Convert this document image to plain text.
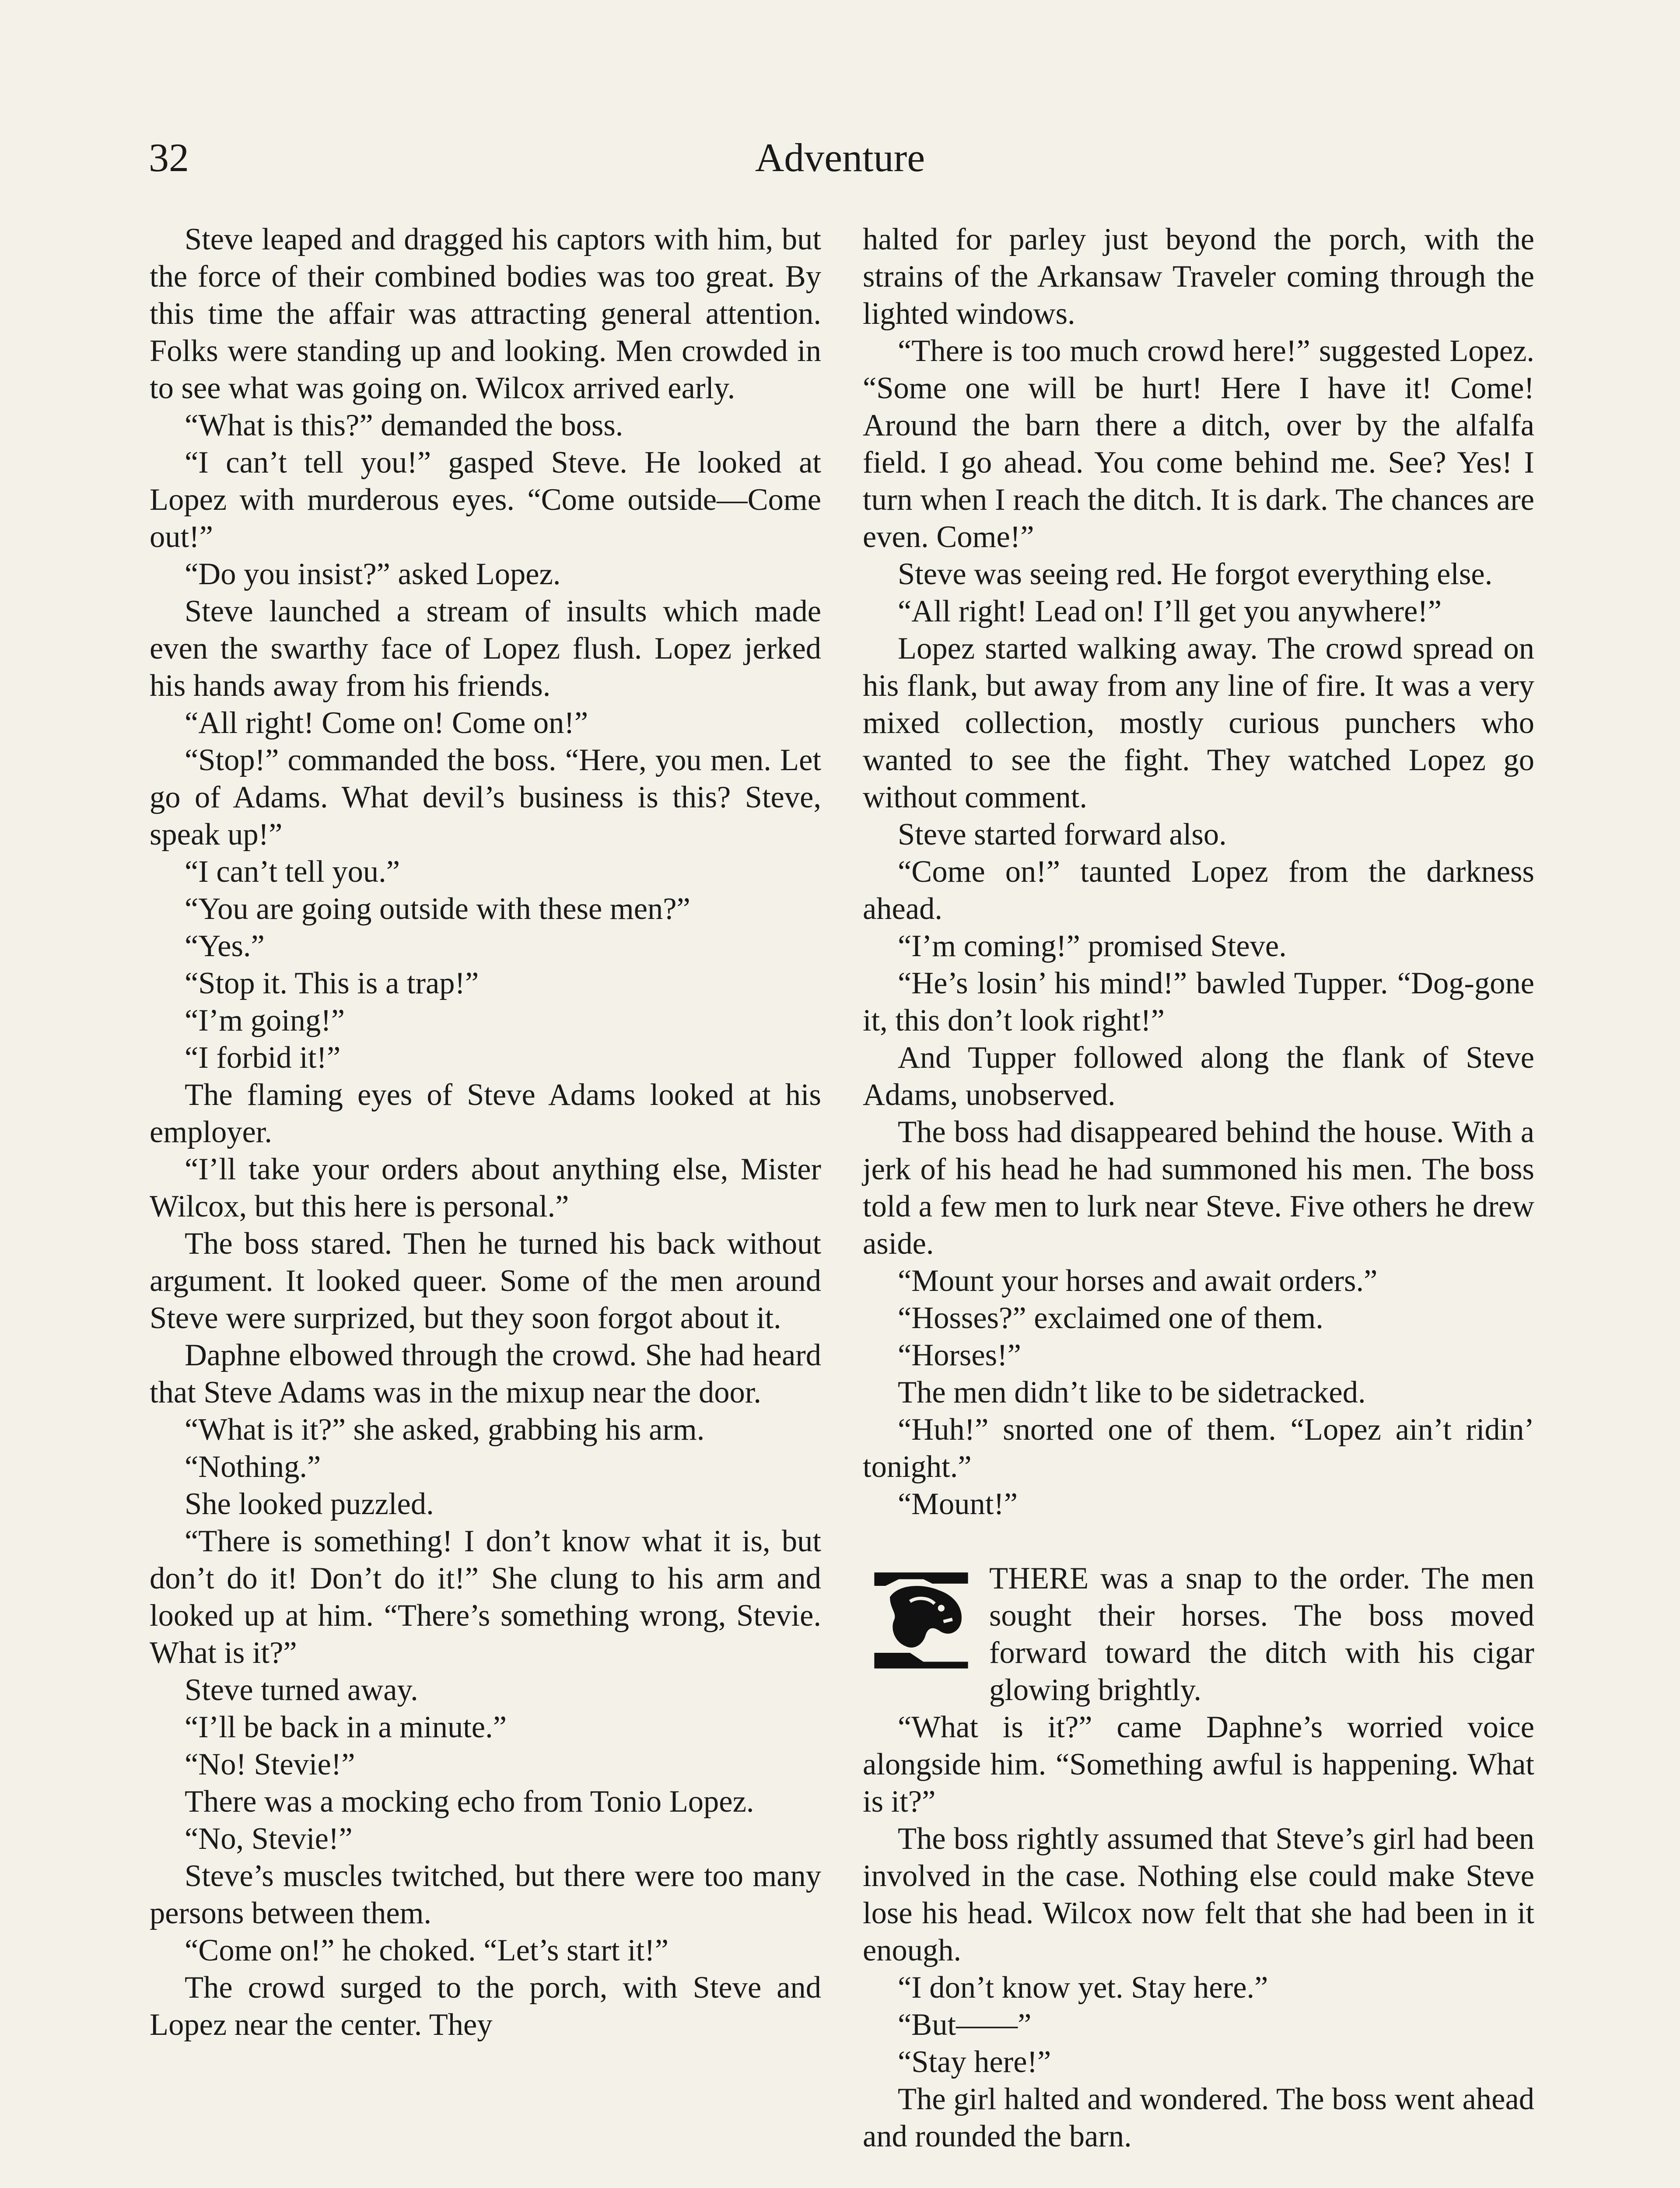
32	Adventure

Steve leaped and dragged his captors with him, but the force of their combined bodies was too great. By this time the affair was attracting general attention. Folks were standing up and looking. Men crowded in to see what was going on. Wilcox arrived early.

“What is this?” demanded the boss.

“I can’t tell you!” gasped Steve. He looked at Lopez with murderous eyes. “Come outside—Come out!”

“Do you insist?” asked Lopez.

Steve launched a stream of insults which made even the swarthy face of Lopez flush. Lopez jerked his hands away from his friends.

“All right! Come on! Come on!”

“Stop!” commanded the boss. “Here, you men. Let go of Adams. What devil’s business is this? Steve, speak up!”

“I can’t tell you.”

“You are going outside with these men?”

“Yes.”

“Stop it. This is a trap!”

“I’m going!”

“I forbid it!”

The flaming eyes of Steve Adams looked at his employer.

“I’ll take your orders about anything else, Mister Wilcox, but this here is personal.”

The boss stared. Then he turned his back without argument. It looked queer. Some of the men around Steve were surprized, but they soon forgot about it.

Daphne elbowed through the crowd. She had heard that Steve Adams was in the mixup near the door.

“What is it?” she asked, grabbing his arm.

“Nothing.”

She looked puzzled.

“There is something! I don’t know what it is, but don’t do it! Don’t do it!” She clung to his arm and looked up at him. “There’s something wrong, Stevie. What is it?”

Steve turned away.

“I’ll be back in a minute.”

“No! Stevie!”

There was a mocking echo from Tonio Lopez.

“No, Stevie!”

Steve’s muscles twitched, but there were too many persons between them.

“Come on!” he choked. “Let’s start it!”

The crowd surged to the porch, with Steve and Lopez near the center. They

halted for parley just beyond the porch, with the strains of the Arkansaw Traveler coming through the lighted windows.

“There is too much crowd here!” suggested Lopez. “Some one will be hurt! Here I have it! Come! Around the barn there a ditch, over by the alfalfa field. I go ahead. You come behind me. See? Yes! I turn when I reach the ditch. It is dark. The chances are even. Come!”

Steve was seeing red. He forgot everything else.

“All right! Lead on! I’ll get you anywhere!”

Lopez started walking away. The crowd spread on his flank, but away from any line of fire. It was a very mixed collection, mostly curious punchers who wanted to see the fight. They watched Lopez go without comment.

Steve started forward also.

“Come on!” taunted Lopez from the darkness ahead.

“I’m coming!” promised Steve.

“He’s losin’ his mind!” bawled Tupper. “Dog-gone it, this don’t look right!”

And Tupper followed along the flank of Steve Adams, unobserved.

The boss had disappeared behind the house. With a jerk of his head he had summoned his men. The boss told a few men to lurk near Steve. Five others he drew aside.

“Mount your horses and await orders.”

“Hosses?” exclaimed one of them.

“Horses!”

The men didn’t like to be sidetracked.

“Huh!” snorted one of them. “Lopez ain’t ridin’ tonight.”

“Mount!”

THERE was a snap to the order. The men sought their horses. The boss moved forward toward the ditch with his cigar glowing brightly.

“What is it?” came Daphne’s worried voice alongside him. “Something awful is happening. What is it?”

The boss rightly assumed that Steve’s girl had been involved in the case. Nothing else could make Steve lose his head. Wilcox now felt that she had been in it enough.

“I don’t know yet. Stay here.”

“But——”

“Stay here!”

The girl halted and wondered. The boss went ahead and rounded the barn.
